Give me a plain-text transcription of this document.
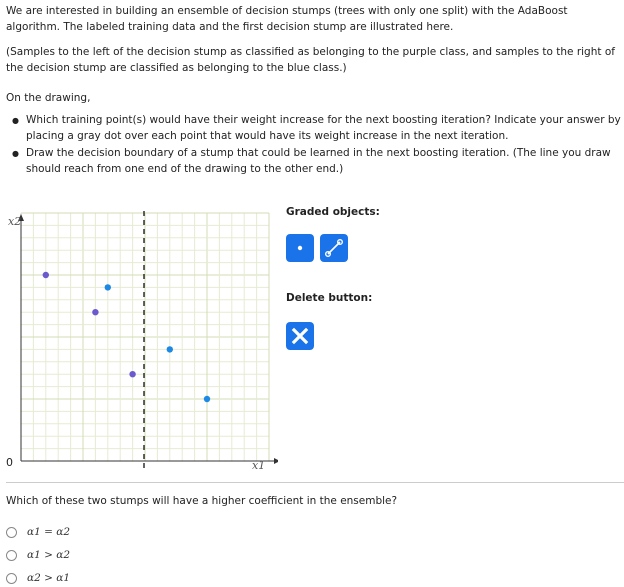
We are interested in building an ensemble of decision stumps (trees with only one split) with the AdaBoost algorithm. The labeled training data and the first decision stump are illustrated here.

(Samples to the left of the decision stump as classified as belonging to the purple class, and samples to the right of the decision stump are classified as belonging to the blue class.)

On the drawing,

● Which training point(s) would have their weight increase for the next boosting iteration? Indicate your answer by placing a gray dot over each point that would have its weight increase in the next iteration.
● Draw the decision boundary of a stump that could be learned in the next boosting iteration. (The line you draw should reach from one end of the drawing to the other end.)
0
x2
x1
Graded objects:
Delete button:
Which of these two stumps will have a higher coefficient in the ensemble?
α1 = α2
α1 > α2
α2 > α1
